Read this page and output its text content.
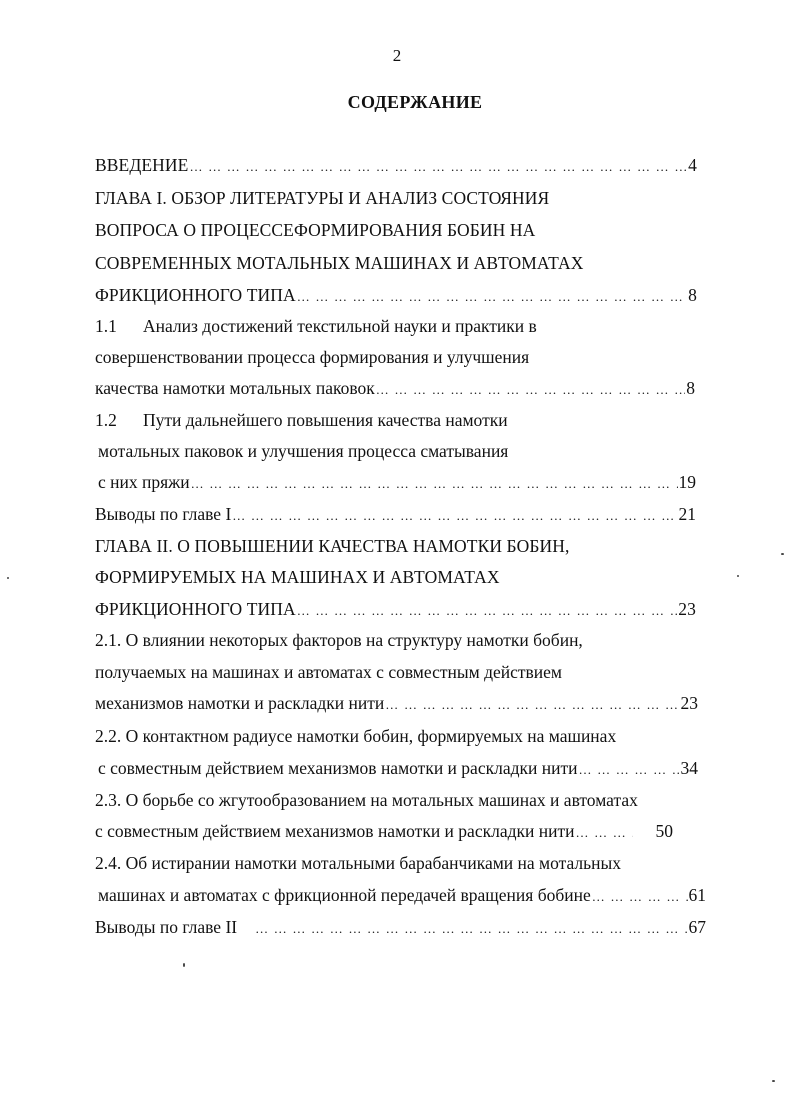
2
СОДЕРЖАНИЕ
ВВЕДЕНИЕ … … … … … … … … … … … … … … … … … … … … … … … … … … … … … … … … … … … … … … … … … … … … … … … … …	4
ГЛАВА I. ОБЗОР ЛИТЕРАТУРЫ И АНАЛИЗ СОСТОЯНИЯ
ВОПРОСА О ПРОЦЕССЕФОРМИРОВАНИЯ БОБИН НА
СОВРЕМЕННЫХ МОТАЛЬНЫХ МАШИНАХ И АВТОМАТАХ
ФРИКЦИОННОГО ТИПА … … … … … … … … … … … … … … … … … … … … … … … … … … … … … … … … … … … … … … … … … … … … … … … … …	8
1.1 Анализ достижений текстильной науки и практики в
совершенствовании процесса формирования и улучшения
качества намотки мотальных паковок … … … … … … … … … … … … … … … … … … … … … … … … … … … … … … … … … … … … … … … … … … … … … … … … …	8
1.2 Пути дальнейшего повышения качества намотки
мотальных паковок и улучшения процесса сматывания
с них пряжи … … … … … … … … … … … … … … … … … … … … … … … … … … … … … … … … … … … … … … … … … … … … … … … … …	19
Выводы по главе I … … … … … … … … … … … … … … … … … … … … … … … … … … … … … … … … … … … … … … … … … … … … … … … … …	21
ГЛАВА II. О ПОВЫШЕНИИ КАЧЕСТВА НАМОТКИ БОБИН,
ФОРМИРУЕМЫХ НА МАШИНАХ И АВТОМАТАХ
ФРИКЦИОННОГО ТИПА … … … … … … … … … … … … … … … … … … … … … … … … … … … … … … … … … … … … … … … … … … … … … … … … …	23
2.1. О влиянии некоторых факторов на структуру намотки бобин,
получаемых на машинах и автоматах с совместным действием
механизмов намотки и раскладки нити … … … … … … … … … … … … … … … … … … … … … … … … … … … … … … … … … … … … … … … … … … … … … … … … …	23
2.2. О контактном радиусе намотки бобин, формируемых на машинах
с совместным действием механизмов намотки и раскладки нити … … … … … … … … … … … … … … … … … … … … … … … … … … … … … … … … … … … … … … … … … … … … … … … … …	34
2.3. О борьбе со жгутообразованием на мотальных машинах и автоматах
с совместным действием механизмов намотки и раскладки нити … … … … … … … … … … … … … … … … … … … … … … … … … … … … … … … … … … … … … … … … … … … … … … … … …	50
2.4. Об истирании намотки мотальными барабанчиками на мотальных
машинах и автоматах с фрикционной передачей вращения бобине … … … … … … … … … … … … … … … … … … … … … … … … … … … … … … … … … … … … … … … … … … … … … … … … …	61
Выводы по главе II … … … … … … … … … … … … … … … … … … … … … … … … … … … … … … … … … … … … … … … … … … … … … … … … …	67
